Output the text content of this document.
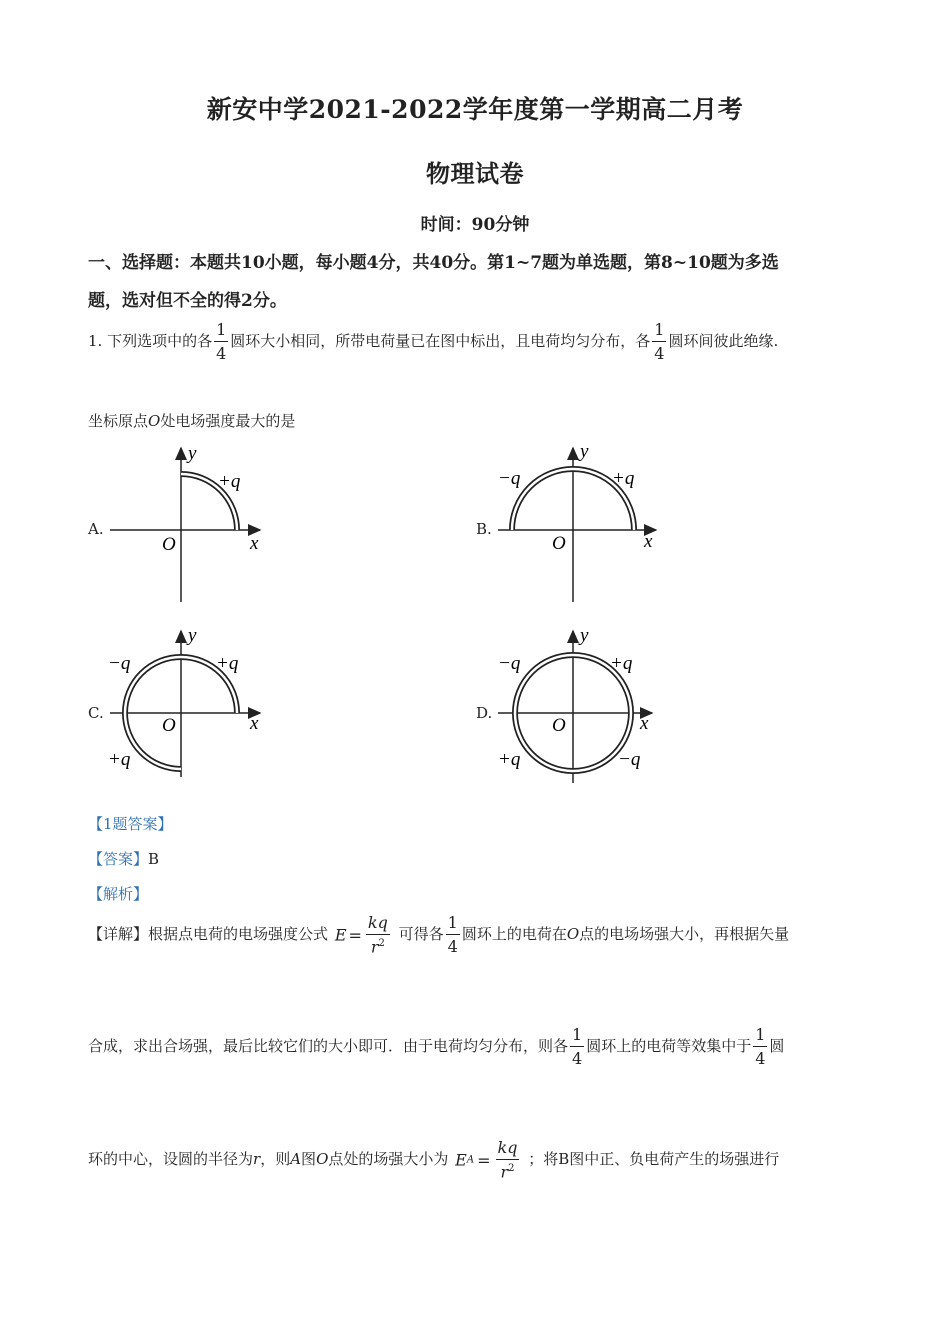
新安中学2021-2022学年度第一学期高二月考
物理试卷
时间：90分钟
一、选择题：本题共10小题，每小题4分，共40分。第1~7题为单选题，第8~10题为多选
题，选对但不全的得2分。
1. 下列选项中的各 $\frac{1}{4}$ 圆环大小相同，所带电荷量已在图中标出，且电荷均匀分布，各 $\frac{1}{4}$ 圆环间彼此绝缘.
坐标原点O处电场强度最大的是
A.	B.
C.	D.
+q
y
x
O
−q	+q
y
x
O
−q	+q
+q
y
x
O
−q	+q
+q	−q
y
x
O
【1题答案】
【答案】B
【解析】
【详解】根据点电荷的电场强度公式 $E = \frac{kq}{r^2}$ 可得各 $\frac{1}{4}$ 圆环上的电荷在O点的电场场强大小，再根据矢量
合成，求出合场强，最后比较它们的大小即可．由于电荷均匀分布，则各 $\frac{1}{4}$ 圆环上的电荷等效集中于 $\frac{1}{4}$ 圆
环的中心，设圆的半径为r，则A图O点处的场强大小为 EA = $\frac{kq}{r^2}$ ；将B图中正、负电荷产生的场强进行
